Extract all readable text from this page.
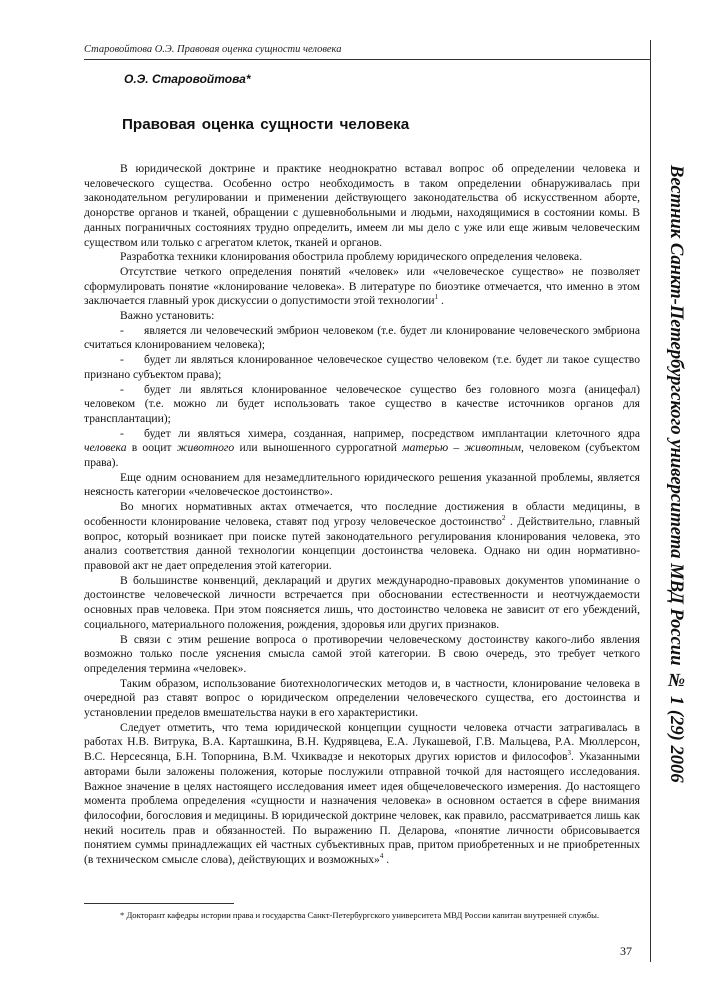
Старовойтова О.Э. Правовая оценка сущности человека
Вестник Санкт-Петербургского университета МВД России № 1 (29) 2006
О.Э. Старовойтова*
Правовая оценка сущности человека

В юридической доктрине и практике неоднократно вставал вопрос об определении человека и человеческого существа. Особенно остро необходимость в таком определении обнаруживалась при законодательном регулировании и применении действующего законодательства об искусственном аборте, донорстве органов и тканей, обращении с душевнобольными и людьми, находящимися в состоянии комы. В данных пограничных состояниях трудно определить, имеем ли мы дело с уже или еще живым человеческим существом или только с агрегатом клеток, тканей и органов.

Разработка техники клонирования обострила проблему юридического определения человека.

Отсутствие четкого определения понятий «человек» или «человеческое существо» не позволяет сформулировать понятие «клонирование человека». В литературе по биоэтике отмечается, что именно в этом заключается главный урок дискуссии о допустимости этой технологии$^1$ .

Важно установить:

- является ли человеческий эмбрион человеком (т.е. будет ли клонирование человеческого эмбриона считаться клонированием человека);

- будет ли являться клонированное человеческое существо человеком (т.е. будет ли такое существо признано субъектом права);

- будет ли являться клонированное человеческое существо без головного мозга (аницефал) человеком (т.е. можно ли будет использовать такое существо в качестве источников органов для трансплантации);

- будет ли являться химера, созданная, например, посредством имплантации клеточного ядра человека в ооцит животного или выношенного суррогатной матерью – животным, человеком (субъектом права).

Еще одним основанием для незамедлительного юридического решения указанной проблемы, является неясность категории «человеческое достоинство».

Во многих нормативных актах отмечается, что последние достижения в области медицины, в особенности клонирование человека, ставят под угрозу человеческое достоинство$^2$ . Действительно, главный вопрос, который возникает при поиске путей законодательного регулирования клонирования человека, это анализ соответствия данной технологии концепции достоинства человека. Однако ни один нормативно-правовой акт не дает определения этой категории.

В большинстве конвенций, деклараций и других международно-правовых документов упоминание о достоинстве человеческой личности встречается при обосновании естественности и неотчуждаемости основных прав человека. При этом поясняется лишь, что достоинство человека не зависит от его убеждений, социального, материального положения, рождения, здоровья или других признаков.

В связи с этим решение вопроса о противоречии человеческому достоинству какого-либо явления возможно только после уяснения смысла самой этой категории. В свою очередь, это требует четкого определения термина «человек».

Таким образом, использование биотехнологических методов и, в частности, клонирование человека в очередной раз ставят вопрос о юридическом определении человеческого существа, его достоинства и установлении пределов вмешательства науки в его характеристики.

Следует отметить, что тема юридической концепции сущности человека отчасти затрагивалась в работах Н.В. Витрука, В.А. Карташкина, В.Н. Кудрявцева, Е.А. Лукашевой, Г.В. Мальцева, Р.А. Мюллерсон, В.С. Нерсесянца, Б.Н. Топорнина, В.М. Чхиквадзе и некоторых других юристов и философов$^3$. Указанными авторами были заложены положения, которые послужили отправной точкой для настоящего исследования. Важное значение в целях настоящего исследования имеет идея общечеловеческого измерения. До настоящего момента проблема определения «сущности и назначения человека» в основном остается в сфере внимания философии, богословия и медицины. В юридической доктрине человек, как правило, рассматривается лишь как некий носитель прав и обязанностей. По выражению П. Деларова, «понятие личности обрисовывается понятием суммы принадлежащих ей частных субъективных прав, притом приобретенных и не приобретенных (в техническом смысле слова), действующих и возможных»$^4$ .

* Докторант кафедры истории права и государства Санкт-Петербургского университета МВД России капитан внутренней службы.
37
